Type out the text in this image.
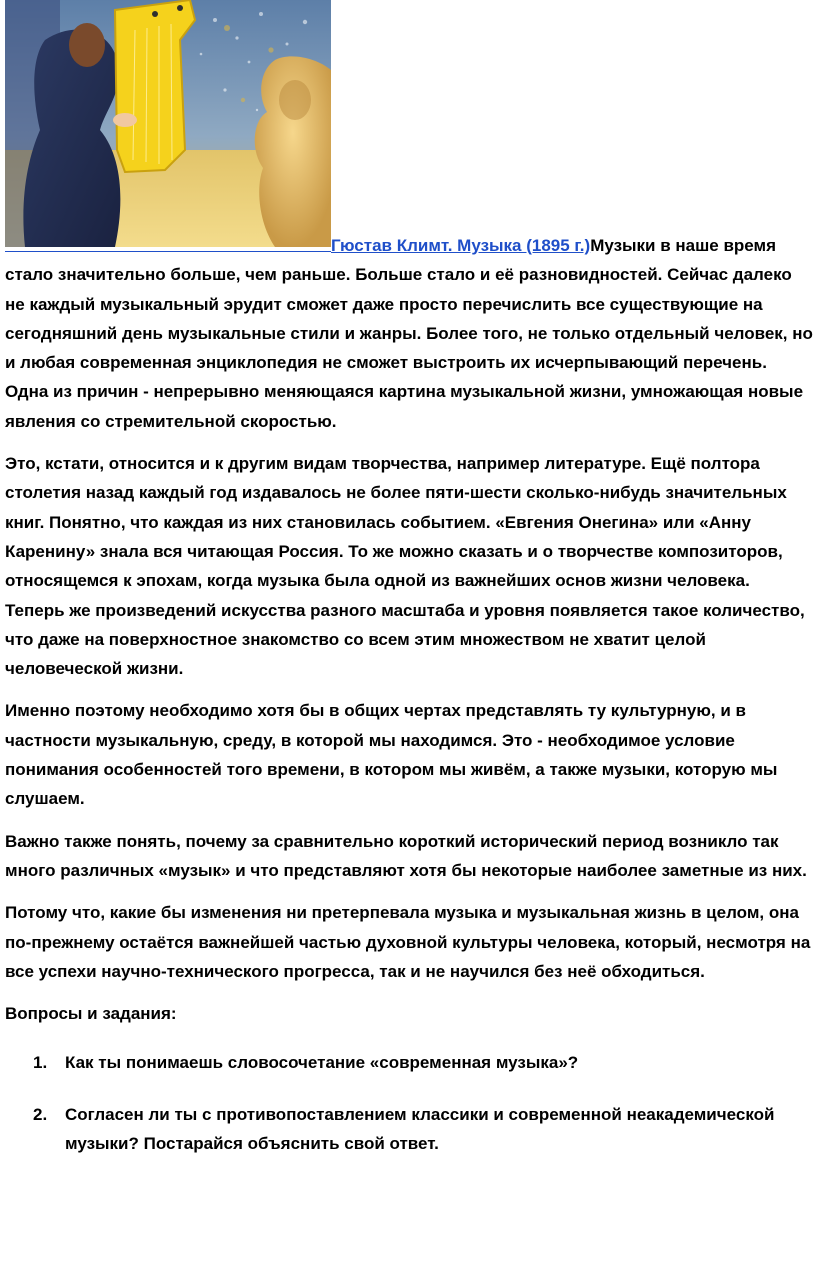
Гюстав Климт. Музыка (1895 г.)Музыки в наше время стало значительно больше, чем раньше. Больше стало и её разновидностей. Сейчас далеко не каждый музыкальный эрудит сможет даже просто перечислить все существующие на сегодняшний день музыкальные стили и жанры. Более того, не только отдельный человек, но и любая современная энциклопедия не сможет выстроить их исчерпывающий перечень. Одна из причин - непрерывно меняющаяся картина музыкальной жизни, умножающая новые явления со стремительной скоростью.

Это, кстати, относится и к другим видам творчества, например литературе. Ещё полтора столетия назад каждый год издавалось не более пяти-шести сколько-нибудь значительных книг. Понятно, что каждая из них становилась событием. «Евгения Онегина» или «Анну Каренину» знала вся читающая Россия. То же можно сказать и о творчестве композиторов, относящемся к эпохам, когда музыка была одной из важнейших основ жизни человека. Теперь же произведений искусства разного масштаба и уровня появляется такое количество, что даже на поверхностное знакомство со всем этим множеством не хватит целой человеческой жизни.

Именно поэтому необходимо хотя бы в общих чертах представлять ту культурную, и в частности музыкальную, среду, в которой мы находимся. Это - необходимое условие понимания особенностей того времени, в котором мы живём, а также музыки, которую мы слушаем.

Важно также понять, почему за сравнительно короткий исторический период возникло так много различных «музык» и что представляют хотя бы некоторые наиболее заметные из них.

Потому что, какие бы изменения ни претерпевала музыка и музыкальная жизнь в целом, она по-прежнему остаётся важнейшей частью духовной культуры человека, который, несмотря на все успехи научно-технического прогресса, так и не научился без неё обходиться.

Вопросы и задания:

1. Как ты понимаешь словосочетание «современная музыка»?
2. Согласен ли ты с противопоставлением классики и современной неакадемической музыки? Постарайся объяснить свой ответ.
